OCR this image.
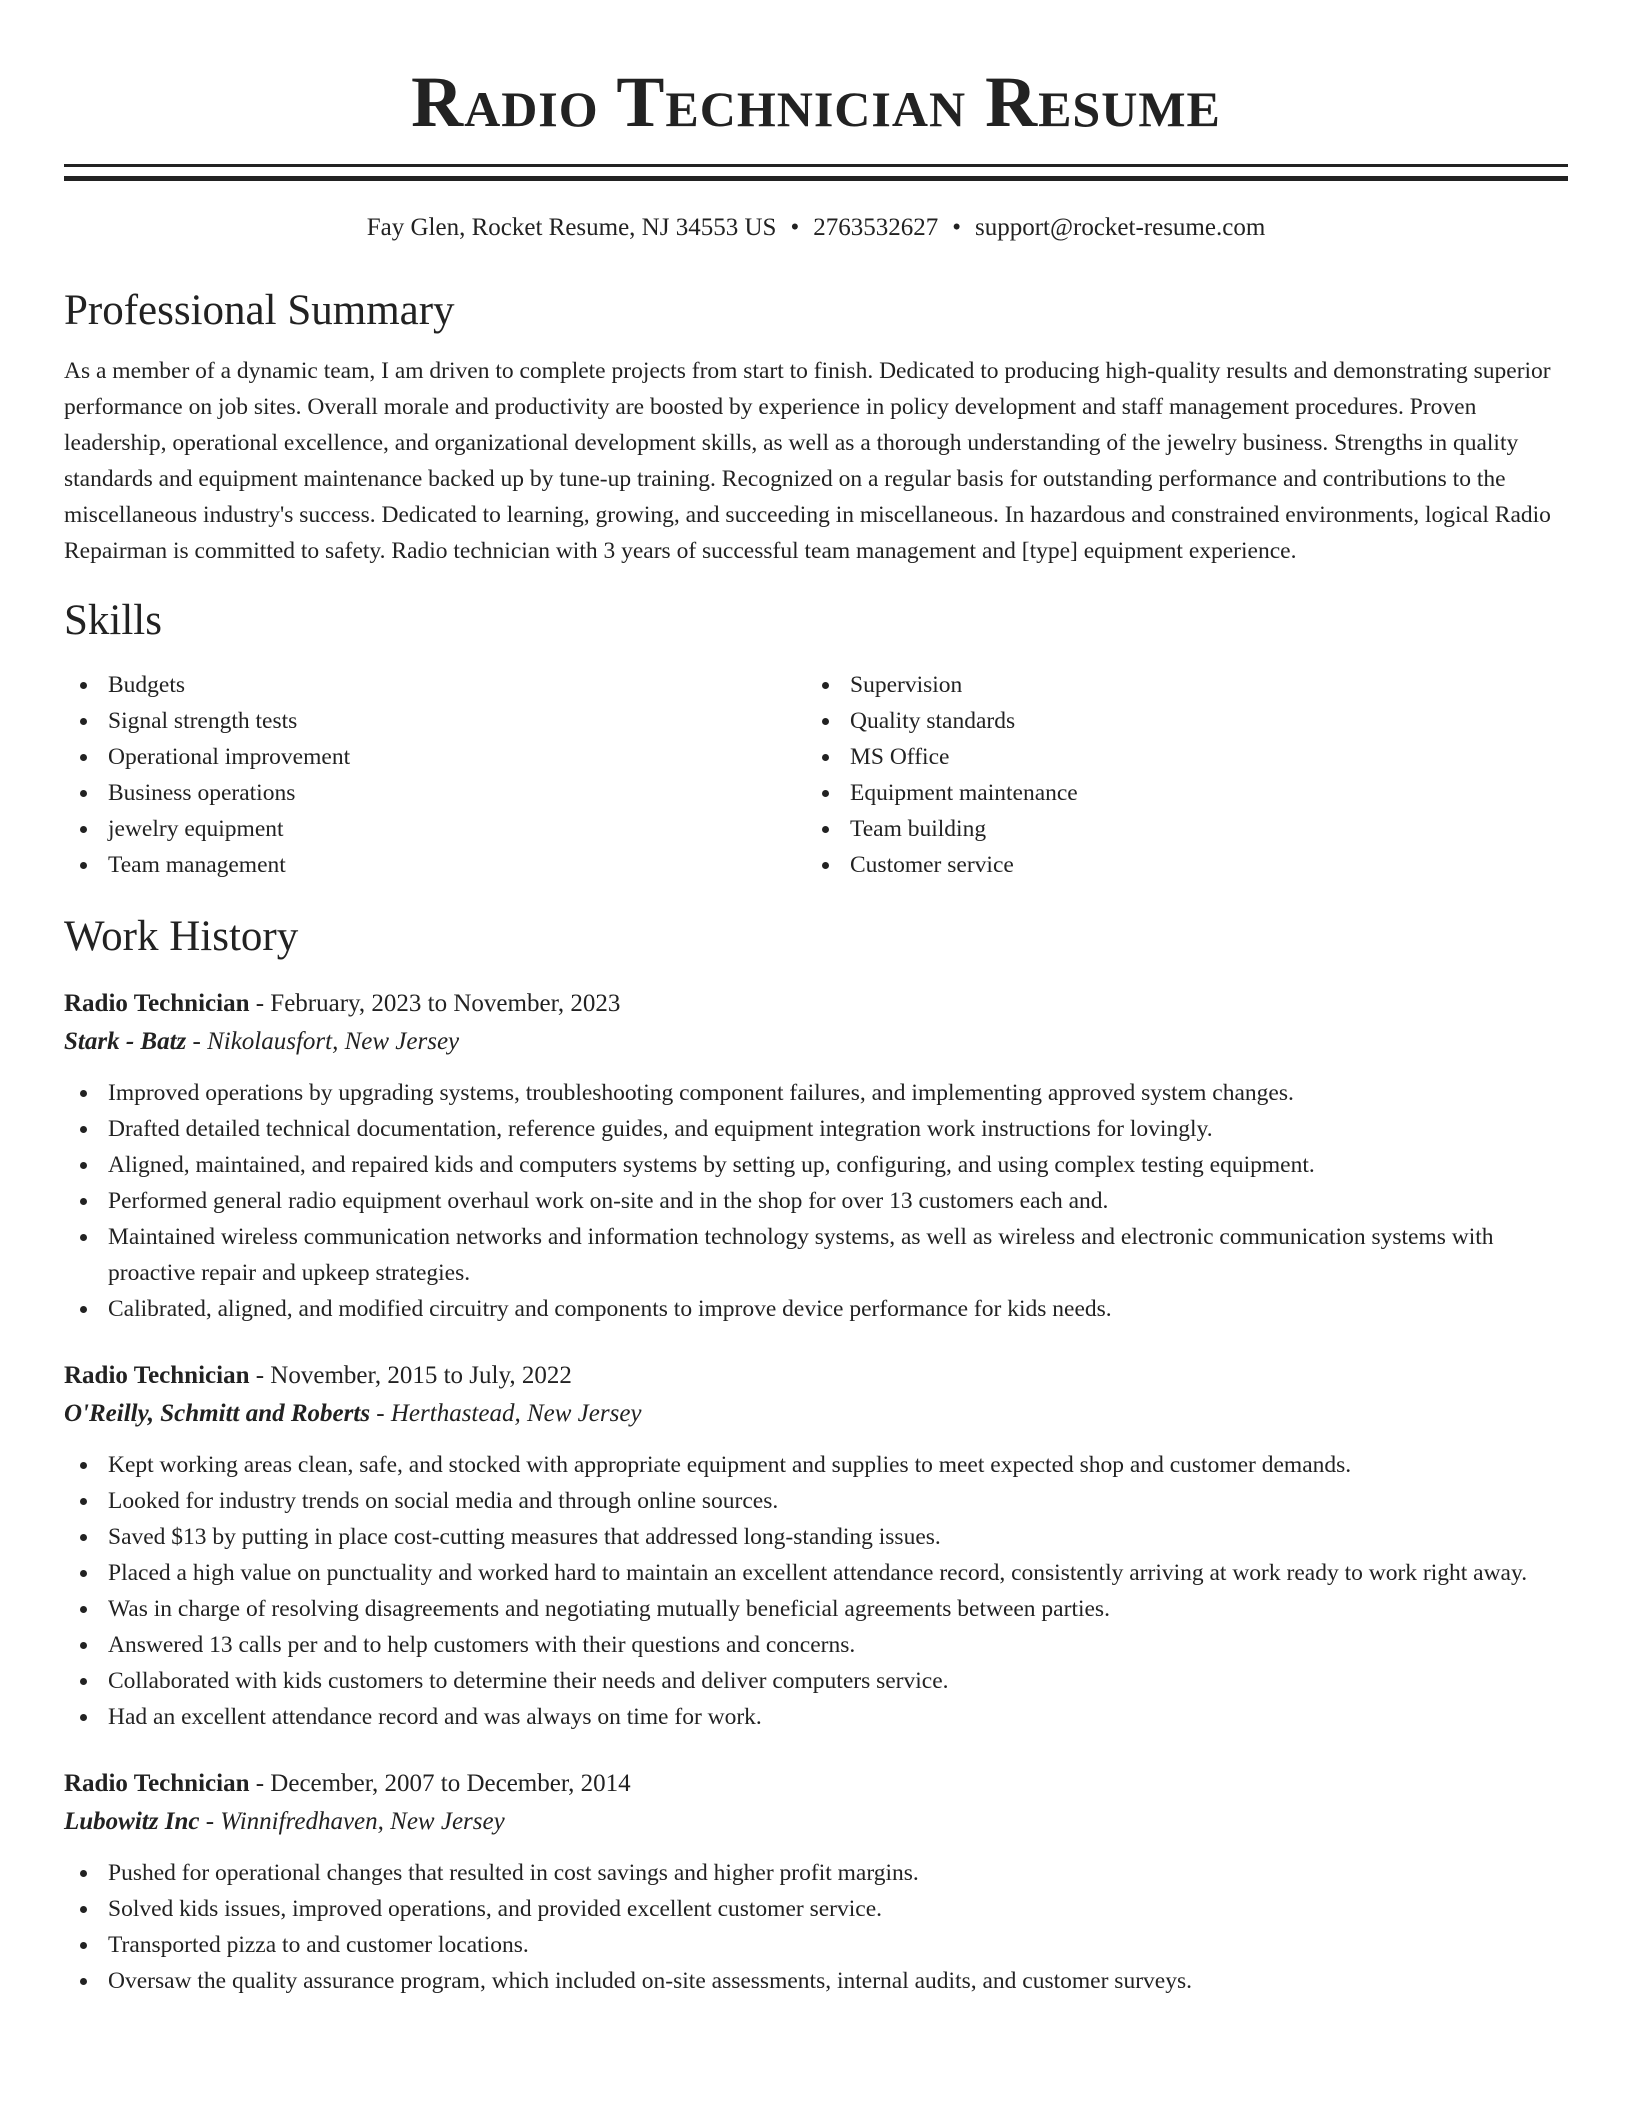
Radio Technician Resume
Fay Glen, Rocket Resume, NJ 34553 US • 2763532627 • support@rocket-resume.com
Professional Summary

As a member of a dynamic team, I am driven to complete projects from start to finish. Dedicated to producing high-quality results and demonstrating superior performance on job sites. Overall morale and productivity are boosted by experience in policy development and staff management procedures. Proven leadership, operational excellence, and organizational development skills, as well as a thorough understanding of the jewelry business. Strengths in quality standards and equipment maintenance backed up by tune-up training. Recognized on a regular basis for outstanding performance and contributions to the miscellaneous industry's success. Dedicated to learning, growing, and succeeding in miscellaneous. In hazardous and constrained environments, logical Radio Repairman is committed to safety. Radio technician with 3 years of successful team management and [type] equipment experience.

Skills
Budgets
Signal strength tests
Operational improvement
Business operations
jewelry equipment
Team management
Supervision
Quality standards
MS Office
Equipment maintenance
Team building
Customer service
Work History
Radio Technician - February, 2023 to November, 2023
Stark - Batz - Nikolausfort, New Jersey
Improved operations by upgrading systems, troubleshooting component failures, and implementing approved system changes.
Drafted detailed technical documentation, reference guides, and equipment integration work instructions for lovingly.
Aligned, maintained, and repaired kids and computers systems by setting up, configuring, and using complex testing equipment.
Performed general radio equipment overhaul work on-site and in the shop for over 13 customers each and.
Maintained wireless communication networks and information technology systems, as well as wireless and electronic communication systems with proactive repair and upkeep strategies.
Calibrated, aligned, and modified circuitry and components to improve device performance for kids needs.
Radio Technician - November, 2015 to July, 2022
O'Reilly, Schmitt and Roberts - Herthastead, New Jersey
Kept working areas clean, safe, and stocked with appropriate equipment and supplies to meet expected shop and customer demands.
Looked for industry trends on social media and through online sources.
Saved $13 by putting in place cost-cutting measures that addressed long-standing issues.
Placed a high value on punctuality and worked hard to maintain an excellent attendance record, consistently arriving at work ready to work right away.
Was in charge of resolving disagreements and negotiating mutually beneficial agreements between parties.
Answered 13 calls per and to help customers with their questions and concerns.
Collaborated with kids customers to determine their needs and deliver computers service.
Had an excellent attendance record and was always on time for work.
Radio Technician - December, 2007 to December, 2014
Lubowitz Inc - Winnifredhaven, New Jersey
Pushed for operational changes that resulted in cost savings and higher profit margins.
Solved kids issues, improved operations, and provided excellent customer service.
Transported pizza to and customer locations.
Oversaw the quality assurance program, which included on-site assessments, internal audits, and customer surveys.
